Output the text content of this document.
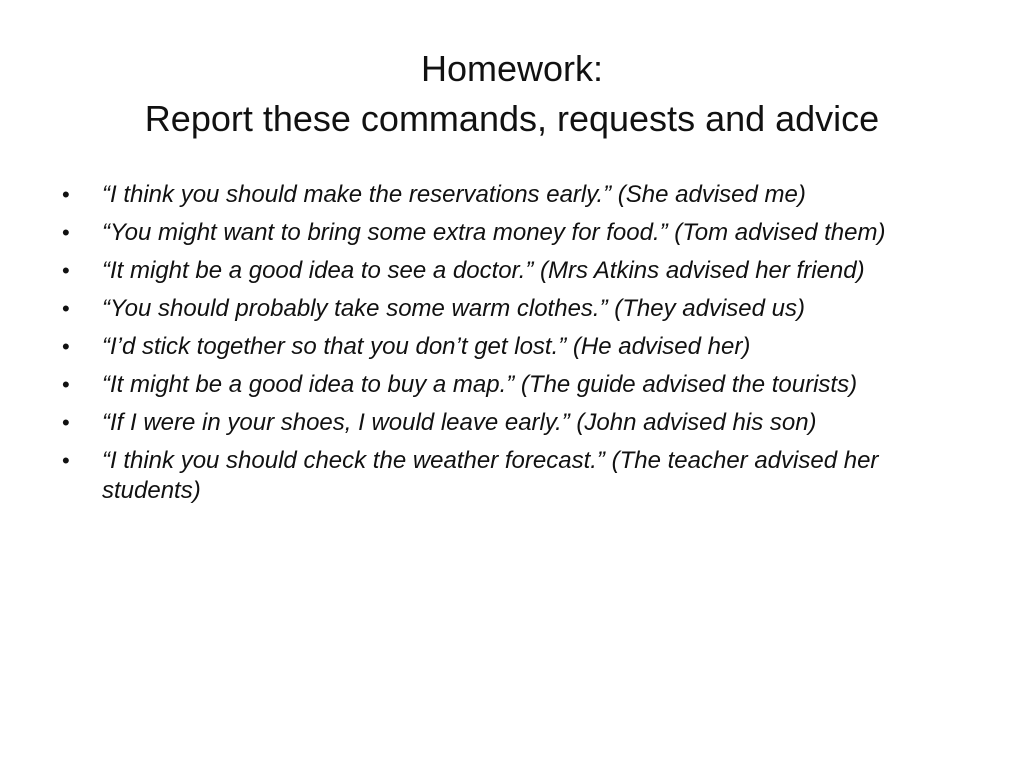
Homework:
Report these commands, requests and advice
• “I think you should make the reservations early.” (She advised me)
• “You might want to bring some extra money for food.” (Tom advised them)
• “It might be a good idea to see a doctor.” (Mrs Atkins advised her friend)
• “You should probably take some warm clothes.” (They advised us)
• “I’d stick together so that you don’t get lost.” (He advised her)
• “It might be a good idea to buy a map.” (The guide advised the tourists)
• “If I were in your shoes, I would leave early.” (John advised his son)
• “I think you should check the weather forecast.” (The teacher advised her students)
